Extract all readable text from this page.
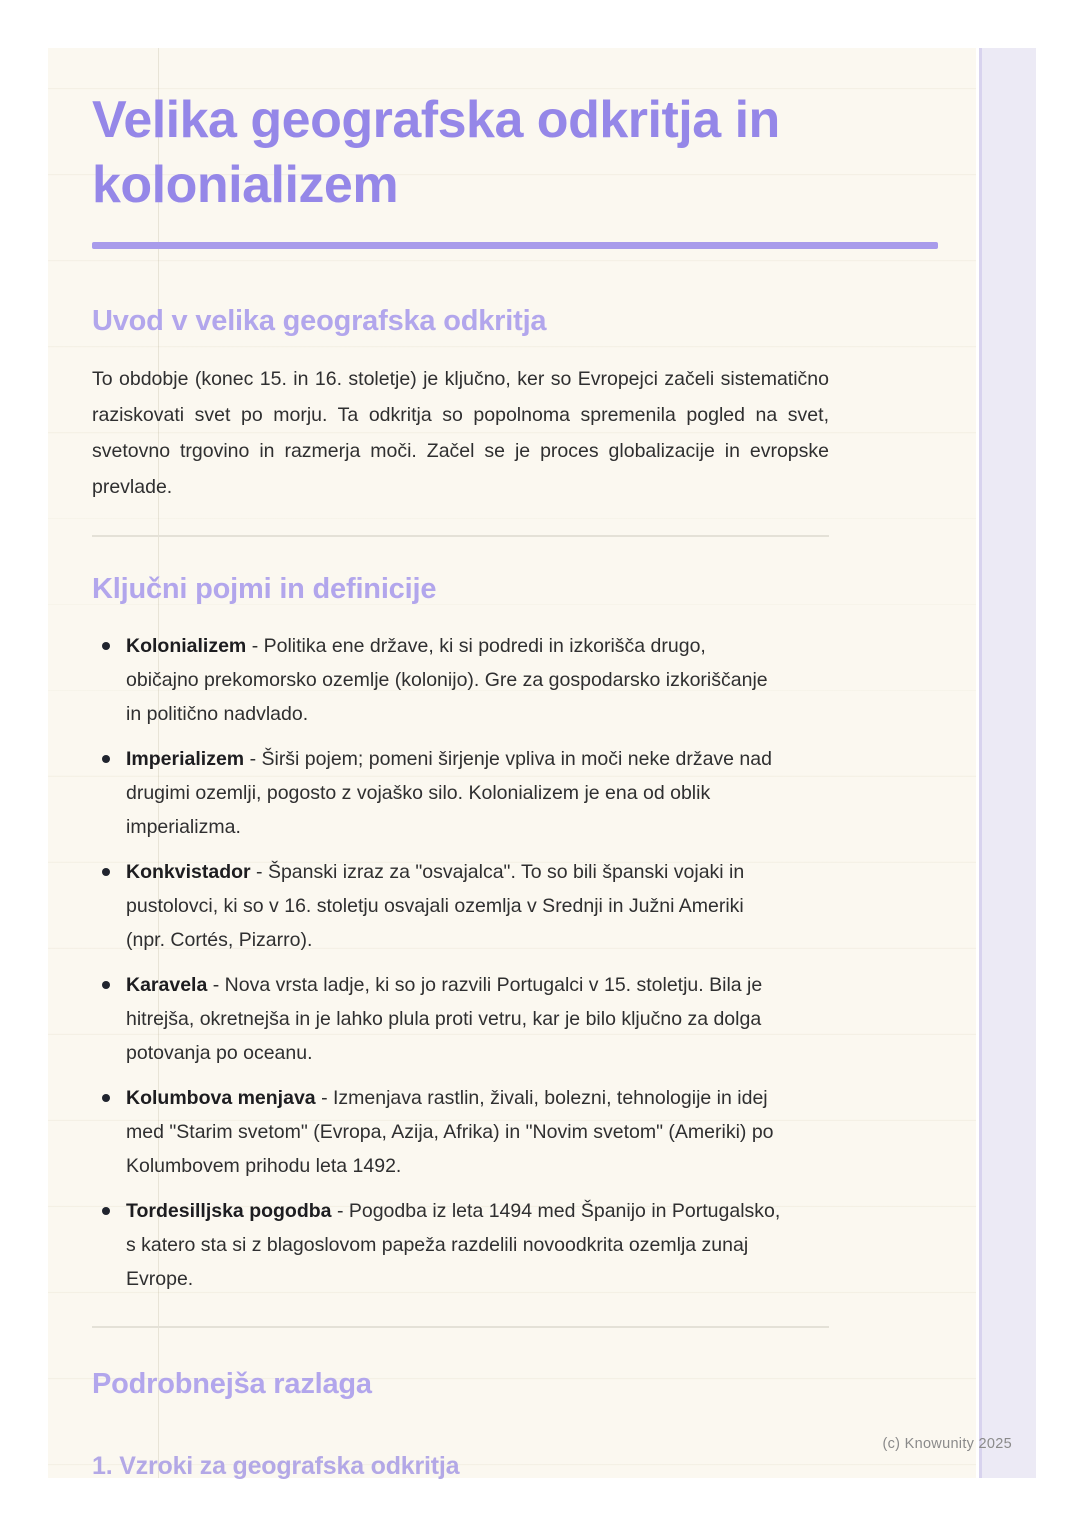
Velika geografska odkritja in kolonializem
Uvod v velika geografska odkritja

To obdobje (konec 15. in 16. stoletje) je ključno, ker so Evropejci začeli sistematično raziskovati svet po morju. Ta odkritja so popolnoma spremenila pogled na svet, svetovno trgovino in razmerja moči. Začel se je proces globalizacije in evropske prevlade.

Ključni pojmi in definicije
Kolonializem - Politika ene države, ki si podredi in izkorišča drugo, običajno prekomorsko ozemlje (kolonijo). Gre za gospodarsko izkoriščanje in politično nadvlado.
Imperializem - Širši pojem; pomeni širjenje vpliva in moči neke države nad drugimi ozemlji, pogosto z vojaško silo. Kolonializem je ena od oblik imperializma.
Konkvistador - Španski izraz za "osvajalca". To so bili španski vojaki in pustolovci, ki so v 16. stoletju osvajali ozemlja v Srednji in Južni Ameriki (npr. Cortés, Pizarro).
Karavela - Nova vrsta ladje, ki so jo razvili Portugalci v 15. stoletju. Bila je hitrejša, okretnejša in je lahko plula proti vetru, kar je bilo ključno za dolga potovanja po oceanu.
Kolumbova menjava - Izmenjava rastlin, živali, bolezni, tehnologije in idej med "Starim svetom" (Evropa, Azija, Afrika) in "Novim svetom" (Ameriki) po Kolumbovem prihodu leta 1492.
Tordesilljska pogodba - Pogodba iz leta 1494 med Španijo in Portugalsko, s katero sta si z blagoslovom papeža razdelili novoodkrita ozemlja zunaj Evrope.
Podrobnejša razlaga
1. Vzroki za geografska odkritja
(c) Knowunity 2025
